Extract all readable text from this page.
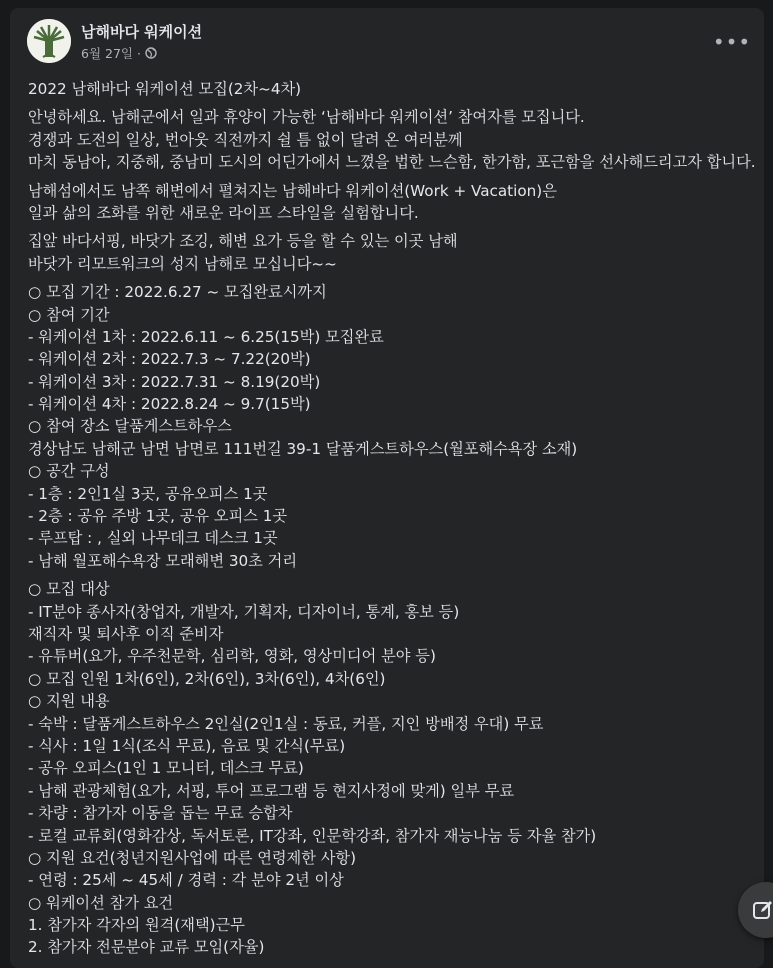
남해바다 워케이션
6월 27일 ·	•••
2022 남해바다 워케이션 모집(2차~4차)
안녕하세요. 남해군에서 일과 휴양이 가능한 ‘남해바다 워케이션’ 참여자를 모집니다.
경쟁과 도전의 일상, 번아웃 직전까지 쉴 틈 없이 달려 온 여러분께
마치 동남아, 지중해, 중남미 도시의 어딘가에서 느꼈을 법한 느슨함, 한가함, 포근함을 선사해드리고자 합니다.
남해섬에서도 남쪽 해변에서 펼쳐지는 남해바다 워케이션(Work + Vacation)은
일과 삶의 조화를 위한 새로운 라이프 스타일을 실험합니다.
집앞 바다서핑, 바닷가 조깅, 해변 요가 등을 할 수 있는 이곳 남해
바닷가 리모트워크의 성지 남해로 모십니다~~
○ 모집 기간 : 2022.6.27 ~ 모집완료시까지
○ 참여 기간
- 워케이션 1차 : 2022.6.11 ~ 6.25(15박) 모집완료
- 워케이션 2차 : 2022.7.3 ~ 7.22(20박)
- 워케이션 3차 : 2022.7.31 ~ 8.19(20박)
- 워케이션 4차 : 2022.8.24 ~ 9.7(15박)
○ 참여 장소 달품게스트하우스
경상남도 남해군 남면 남면로 111번길 39-1 달품게스트하우스(월포해수욕장 소재)
○ 공간 구성
- 1층 : 2인1실 3곳, 공유오피스 1곳
- 2층 : 공유 주방 1곳, 공유 오피스 1곳
- 루프탑 : , 실외 나무데크 데스크 1곳
- 남해 월포해수욕장 모래해변 30초 거리
○ 모집 대상
- IT분야 종사자(창업자, 개발자, 기획자, 디자이너, 통계, 홍보 등)
재직자 및 퇴사후 이직 준비자
- 유튜버(요가, 우주천문학, 심리학, 영화, 영상미디어 분야 등)
○ 모집 인원 1차(6인), 2차(6인), 3차(6인), 4차(6인)
○ 지원 내용
- 숙박 : 달품게스트하우스 2인실(2인1실 : 동료, 커플, 지인 방배정 우대) 무료
- 식사 : 1일 1식(조식 무료), 음료 및 간식(무료)
- 공유 오피스(1인 1 모니터, 데스크 무료)
- 남해 관광체험(요가, 서핑, 투어 프로그램 등 현지사정에 맞게) 일부 무료
- 차량 : 참가자 이동을 돕는 무료 승합차
- 로컬 교류회(영화감상, 독서토론, IT강좌, 인문학강좌, 참가자 재능나눔 등 자율 참가)
○ 지원 요건(청년지원사업에 따른 연령제한 사항)
- 연령 : 25세 ~ 45세 / 경력 : 각 분야 2년 이상
○ 워케이션 참가 요건
1. 참가자 각자의 원격(재택)근무
2. 참가자 전문분야 교류 모임(자율)
